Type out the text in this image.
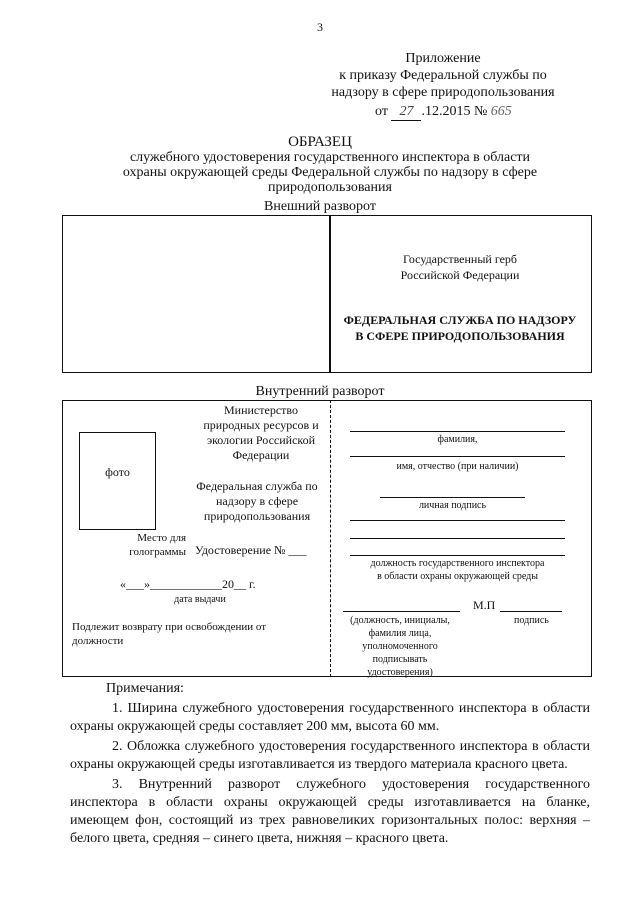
3
Приложение
к приказу Федеральной службы по
надзору в сфере природопользования
от 27 .12.2015 № 665
ОБРАЗЕЦ
служебного удостоверения государственного инспектора в области охраны окружающей среды Федеральной службы по надзору в сфере природопользования
Внешний разворот
Государственный герб
Российской Федерации
ФЕДЕРАЛЬНАЯ СЛУЖБА ПО НАДЗОРУ
В СФЕРЕ ПРИРОДОПОЛЬЗОВАНИЯ
Внутренний разворот
Министерство природных ресурсов и экологии Российской Федерации
фото
Федеральная служба по надзору в сфере природопользования
Место для голограммы Удостоверение № ___
«___»____________20__ г.
дата выдачи
Подлежит возврату при освобождении от должности
фамилия,
имя, отчество (при наличии)
личная подпись
должность государственного инспектора
в области охраны окружающей среды
М.П
(должность, инициалы, фамилия лица, уполномоченного подписывать удостоверения)
подпись
Примечания:

1. Ширина служебного удостоверения государственного инспектора в области охраны окружающей среды составляет 200 мм, высота 60 мм.

2. Обложка служебного удостоверения государственного инспектора в области охраны окружающей среды изготавливается из твердого материала красного цвета.

3. Внутренний разворот служебного удостоверения государственного инспектора в области охраны окружающей среды изготавливается на бланке, имеющем фон, состоящий из трех равновеликих горизонтальных полос: верхняя – белого цвета, средняя – синего цвета, нижняя – красного цвета.
